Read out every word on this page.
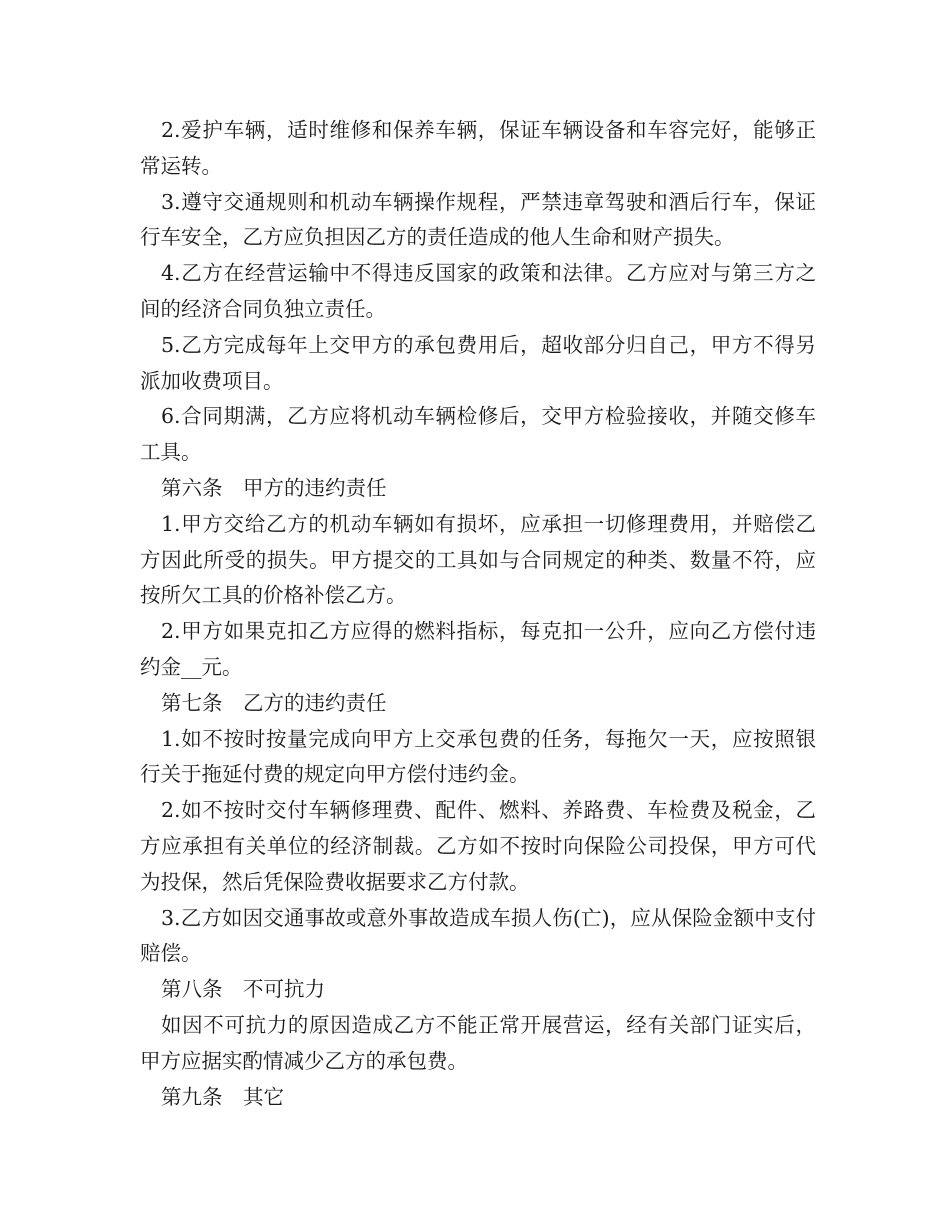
2.爱护车辆，适时维修和保养车辆，保证车辆设备和车容完好，能够正常运转。

3.遵守交通规则和机动车辆操作规程，严禁违章驾驶和酒后行车，保证行车安全，乙方应负担因乙方的责任造成的他人生命和财产损失。

4.乙方在经营运输中不得违反国家的政策和法律。乙方应对与第三方之间的经济合同负独立责任。

5.乙方完成每年上交甲方的承包费用后，超收部分归自己，甲方不得另派加收费项目。

6.合同期满，乙方应将机动车辆检修后，交甲方检验接收，并随交修车工具。

第六条　甲方的违约责任

1.甲方交给乙方的机动车辆如有损坏，应承担一切修理费用，并赔偿乙方因此所受的损失。甲方提交的工具如与合同规定的种类、数量不符，应按所欠工具的价格补偿乙方。

2.甲方如果克扣乙方应得的燃料指标，每克扣一公升，应向乙方偿付违约金__元。

第七条　乙方的违约责任

1.如不按时按量完成向甲方上交承包费的任务，每拖欠一天，应按照银行关于拖延付费的规定向甲方偿付违约金。

2.如不按时交付车辆修理费、配件、燃料、养路费、车检费及税金，乙方应承担有关单位的经济制裁。乙方如不按时向保险公司投保，甲方可代为投保，然后凭保险费收据要求乙方付款。

3.乙方如因交通事故或意外事故造成车损人伤(亡)，应从保险金额中支付赔偿。

第八条　不可抗力

如因不可抗力的原因造成乙方不能正常开展营运，经有关部门证实后，甲方应据实酌情减少乙方的承包费。

第九条　其它
